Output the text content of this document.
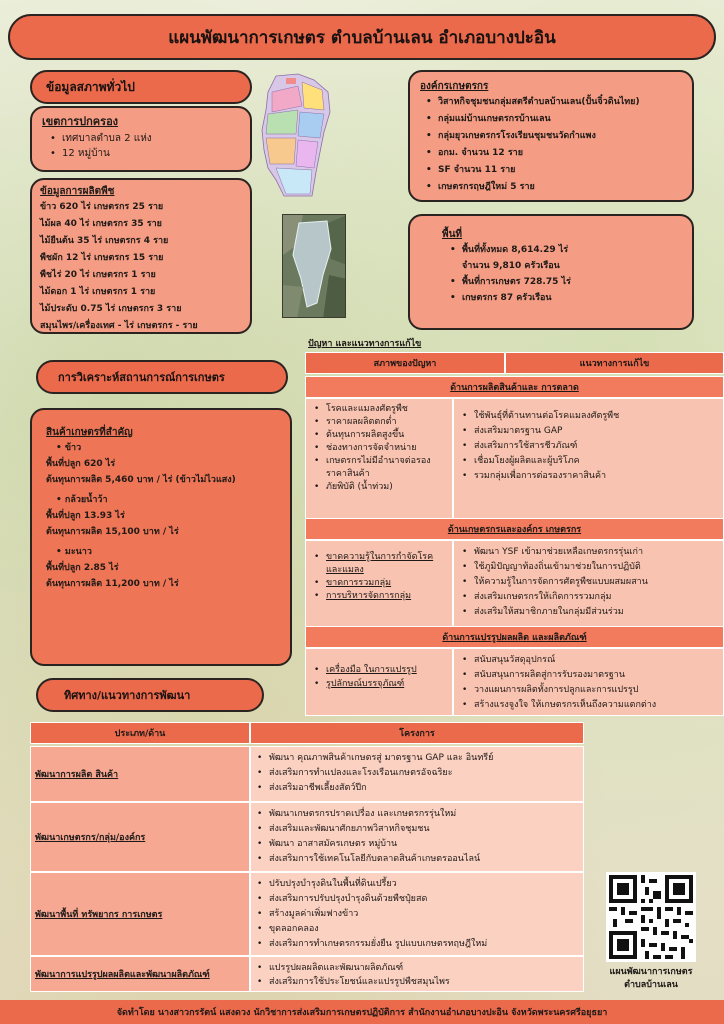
แผนพัฒนาการเกษตร ตำบลบ้านเลน อำเภอบางปะอิน
ข้อมูลสภาพทั่วไป
เขตการปกครอง
• เทศบาลตำบล 2 แห่ง
• 12 หมู่บ้าน
ข้อมูลการผลิตพืช
ข้าว 620 ไร่ เกษตรกร 25 ราย
ไม้ผล 40 ไร่ เกษตรกร 35 ราย
ไม้ยืนต้น 35 ไร่ เกษตรกร 4 ราย
พืชผัก 12 ไร่ เกษตรกร 15 ราย
พืชไร่ 20 ไร่ เกษตรกร 1 ราย
ไม้ดอก 1 ไร่ เกษตรกร 1 ราย
ไม้ประดับ 0.75 ไร่ เกษตรกร 3 ราย
สมุนไพร/เครื่องเทศ - ไร่ เกษตรกร - ราย
องค์กรเกษตรกร
• วิสาหกิจชุมชนกลุ่มสตรีตำบลบ้านเลน(ปั้นจิ๋วดินไทย)
• กลุ่มแม่บ้านเกษตรกรบ้านเลน
• กลุ่มยุวเกษตรกรโรงเรียนชุมชนวัดกำแพง
• อกม. จำนวน 12 ราย
• SF จำนวน 11 ราย
• เกษตรกรฤษฎีใหม่ 5 ราย
พื้นที่
• พื้นที่ทั้งหมด 8,614.29 ไร่
จำนวน 9,810 ครัวเรือน
• พื้นที่การเกษตร 728.75 ไร่
• เกษตรกร 87 ครัวเรือน
การวิเคราะห์สถานการณ์การเกษตร
สินค้าเกษตรที่สำคัญ
• ข้าว
พื้นที่ปลูก 620 ไร่
ต้นทุนการผลิต 5,460 บาท / ไร่ (ข้าวไม่ไวแสง)
• กล้วยน้ำว้า
พื้นที่ปลูก 13.93 ไร่
ต้นทุนการผลิต 15,100 บาท / ไร่
• มะนาว
พื้นที่ปลูก 2.85 ไร่
ต้นทุนการผลิต 11,200 บาท / ไร่
ทิศทาง/แนวทางการพัฒนา
ปัญหา และแนวทางการแก้ไข
สภาพของปัญหา	แนวทางการแก้ไข
ด้านการผลิตสินค้าและ การตลาด
• โรคและแมลงศัตรูพืช
• ราคาผลผลิตตกต่ำ
• ต้นทุนการผลิตสูงขึ้น
• ช่องทางการจัดจำหน่าย
• เกษตรกรไม่มีอำนาจต่อรองราคาสินค้า
• ภัยพิบัติ (น้ำท่วม)
• ใช้พันธุ์ที่ต้านทานต่อโรคแมลงศัตรูพืช
• ส่งเสริมมาตรฐาน GAP
• ส่งเสริมการใช้สารชีวภัณฑ์
• เชื่อมโยงผู้ผลิตและผู้บริโภค
• รวมกลุ่มเพื่อการต่อรองราคาสินค้า
ด้านเกษตรกรและองค์กร เกษตรกร
• ขาดความรู้ในการกำจัดโรคและแมลง
• ขาดการรวมกลุ่ม
• การบริหารจัดการกลุ่ม
• พัฒนา YSF เข้ามาช่วยเหลือเกษตรกรรุ่นเก่า
• ใช้ภูมิปัญญาท้องถิ่นเข้ามาช่วยในการปฏิบัติ
• ให้ความรู้ในการจัดการศัตรูพืชแบบผสมผสาน
• ส่งเสริมเกษตรกรให้เกิดการรวมกลุ่ม
• ส่งเสริมให้สมาชิกภายในกลุ่มมีส่วนร่วม
ด้านการแปรรูปผลผลิต และผลิตภัณฑ์
• เครื่องมือ ในการแปรรูป
• รูปลักษณ์บรรจุภัณฑ์
• สนับสนุนวัสดุอุปกรณ์
• สนับสนุนการผลิตสู่การรับรองมาตรฐาน
• วางแผนการผลิตทั้งการปลูกและการแปรรูป
• สร้างแรงจูงใจ ให้เกษตรกรเห็นถึงความแตกต่าง
ประเภท/ด้าน	โครงการ
พัฒนาการผลิต สินค้า
• พัฒนา คุณภาพสินค้าเกษตรสู่ มาตรฐาน GAP และ อินทรีย์
• ส่งเสริมการทำแปลงและโรงเรือนเกษตรอัจฉริยะ
• ส่งเสริมอาชีพเลี้ยงสัตว์ปีก
พัฒนาเกษตรกร/กลุ่ม/องค์กร
• พัฒนาเกษตรกรปราดเปรื่อง และเกษตรกรรุ่นใหม่
• ส่งเสริมและพัฒนาศักยภาพวิสาหกิจชุมชน
• พัฒนา อาสาสมัครเกษตร หมู่บ้าน
• ส่งเสริมการใช้เทคโนโลยีกับตลาดสินค้าเกษตรออนไลน์
พัฒนาพื้นที่ ทรัพยากร การเกษตร
• ปรับปรุงบำรุงดินในพื้นที่ดินเปรี้ยว
• ส่งเสริมการปรับปรุงบำรุงดินด้วยพืชปุ๋ยสด
• สร้างมูลค่าเพิ่มฟางข้าว
• ขุดลอกคลอง
• ส่งเสริมการทำเกษตรกรรมยั่งยืน รูปแบบเกษตรทฤษฎีใหม่
พัฒนาการแปรรูปผลผลิตและพัฒนาผลิตภัณฑ์
• แปรรูปผลผลิตและพัฒนาผลิตภัณฑ์
• ส่งเสริมการใช้ประโยชน์และแปรรูปพืชสมุนไพร
แผนพัฒนาการเกษตร
ตำบลบ้านเลน
จัดทำโดย นางสาวกรรัตน์ แสงดวง นักวิชาการส่งเสริมการเกษตรปฏิบัติการ สำนักงานอำเภอบางปะอิน จังหวัดพระนครศรีอยุธยา
